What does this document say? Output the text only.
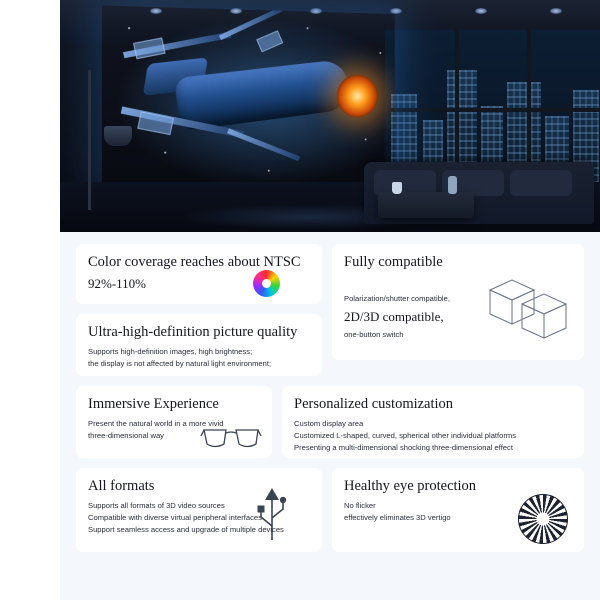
Color coverage reaches about NTSC
92%-110%
Ultra-high-definition picture quality

Supports high-definition images, high brightness;

the display is not affected by natural light environment;

Fully compatible

Polarization/shutter compatible,

2D/3D compatible,

one-button switch

Immersive Experience

Present the natural world in a more vivid

three-dimensional way

Personalized customization

Custom display area

Customized L-shaped, curved, spherical other individual platforms

Presenting a multi-dimensional shocking three-dimensional effect

All formats

Supports all formats of 3D video sources

Compatible with diverse virtual peripheral interfaces

Support seamless access and upgrade of multiple devices

Healthy eye protection

No flicker

effectively eliminates 3D vertigo
